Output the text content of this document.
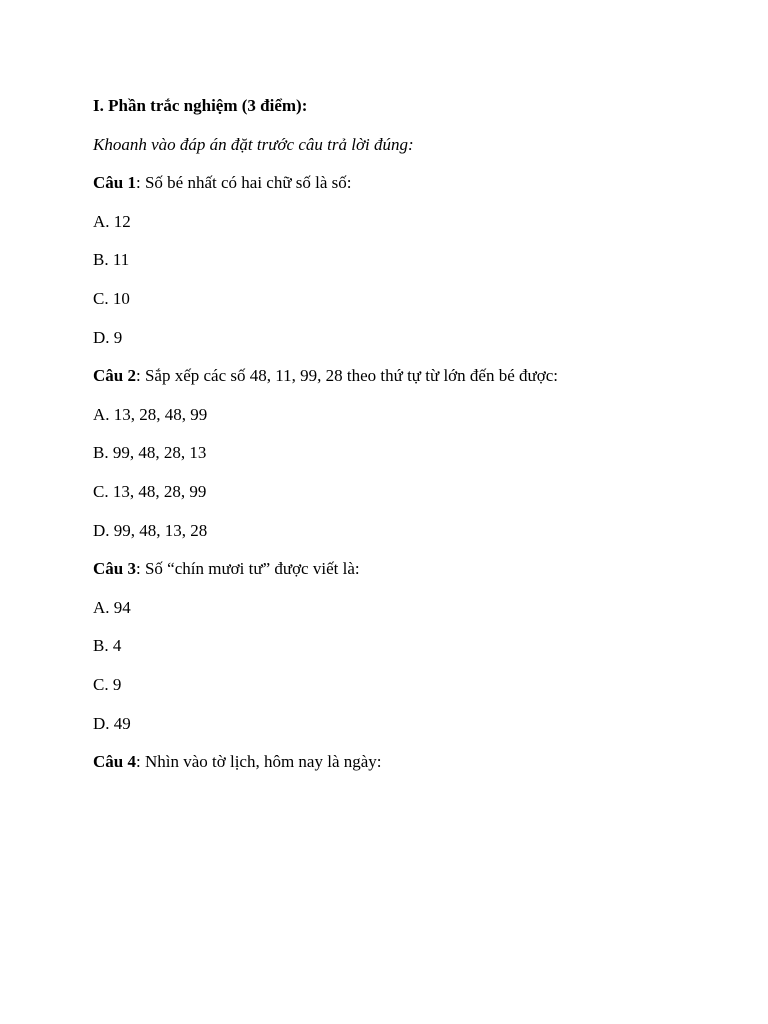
I. Phần trắc nghiệm (3 điểm):
Khoanh vào đáp án đặt trước câu trả lời đúng:
Câu 1: Số bé nhất có hai chữ số là số:
A. 12
B. 11
C. 10
D. 9
Câu 2: Sắp xếp các số 48, 11, 99, 28 theo thứ tự từ lớn đến bé được:
A. 13, 28, 48, 99
B. 99, 48, 28, 13
C. 13, 48, 28, 99
D. 99, 48, 13, 28
Câu 3: Số “chín mươi tư” được viết là:
A. 94
B. 4
C. 9
D. 49
Câu 4: Nhìn vào tờ lịch, hôm nay là ngày:
